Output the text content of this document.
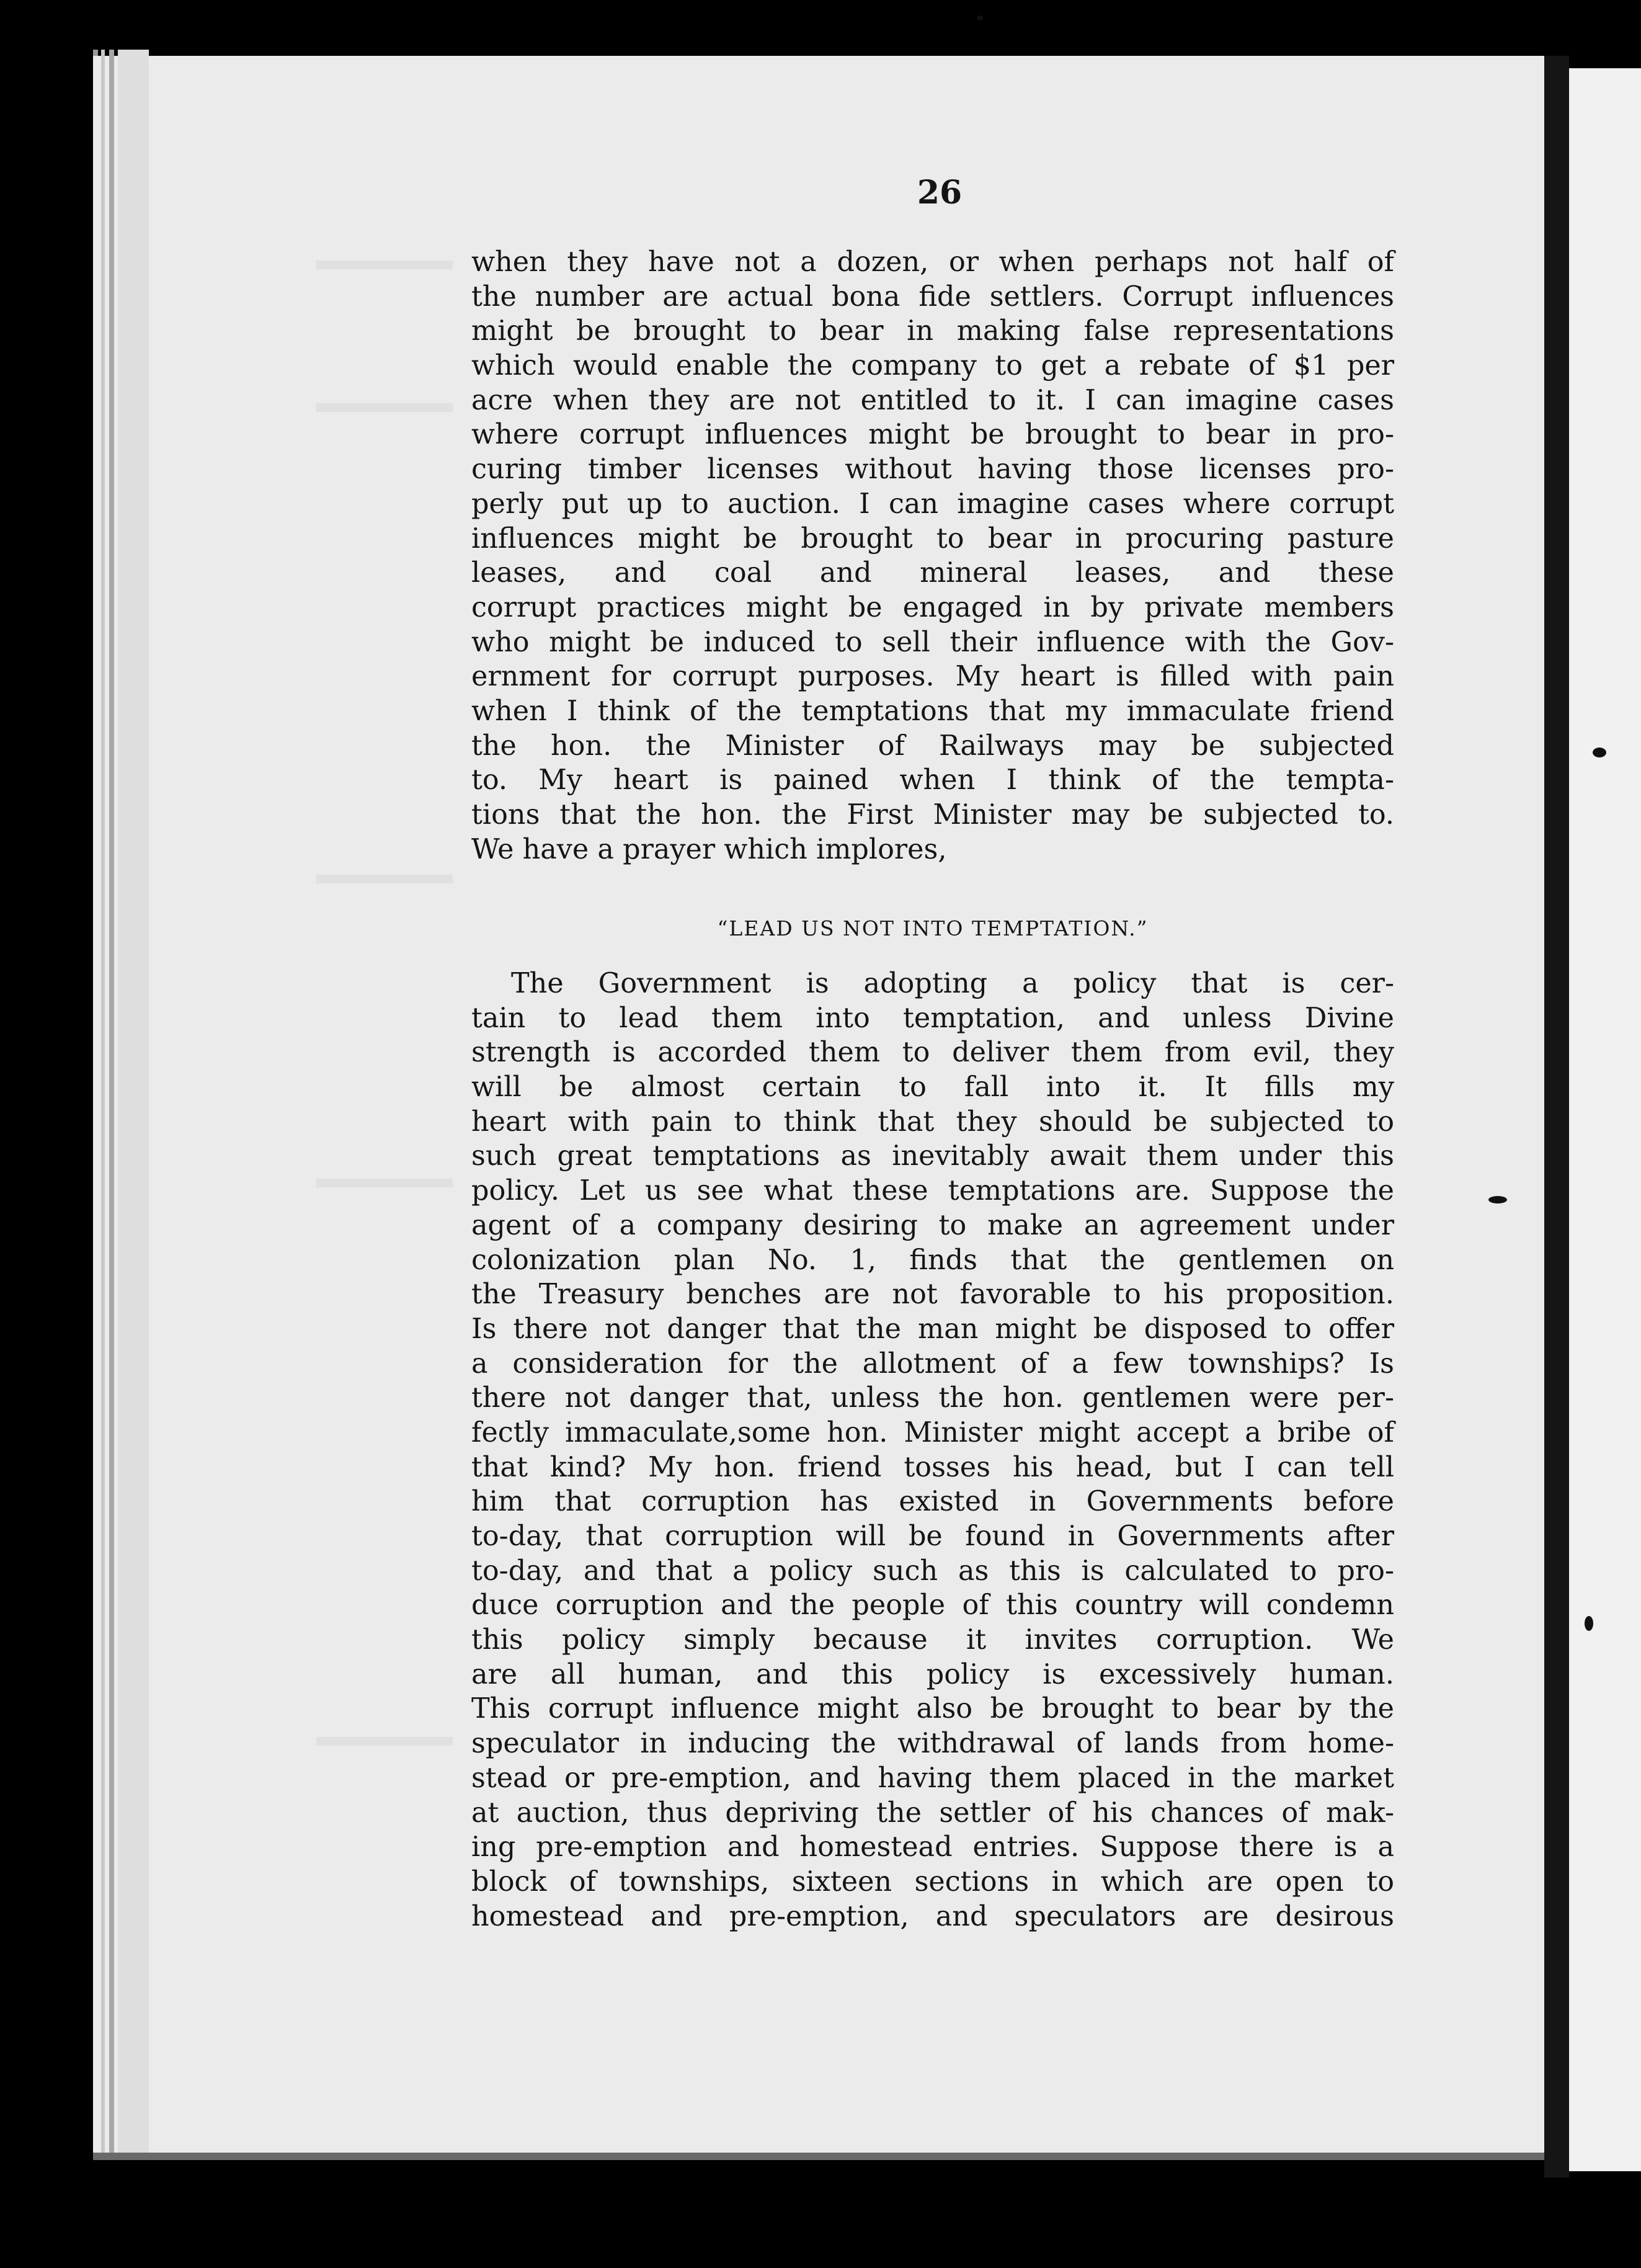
26
when they have not a dozen, or when perhaps not half of
the number are actual bona fide settlers. Corrupt influences
might be brought to bear in making false representations
which would enable the company to get a rebate of $1 per
acre when they are not entitled to it. I can imagine cases
where corrupt influences might be brought to bear in pro-
curing timber licenses without having those licenses pro-
perly put up to auction. I can imagine cases where corrupt
influences might be brought to bear in procuring pasture
leases, and coal and mineral leases, and these
corrupt practices might be engaged in by private members
who might be induced to sell their influence with the Gov-
ernment for corrupt purposes. My heart is filled with pain
when I think of the temptations that my immaculate friend
the hon. the Minister of Railways may be subjected
to. My heart is pained when I think of the tempta-
tions that the hon. the First Minister may be subjected to.
We have a prayer which implores,
“LEAD US NOT INTO TEMPTATION.”
The Government is adopting a policy that is cer-
tain to lead them into temptation, and unless Divine
strength is accorded them to deliver them from evil, they
will be almost certain to fall into it. It fills my
heart with pain to think that they should be subjected to
such great temptations as inevitably await them under this
policy. Let us see what these temptations are. Suppose the
agent of a company desiring to make an agreement under
colonization plan No. 1, finds that the gentlemen on
the Treasury benches are not favorable to his proposition.
Is there not danger that the man might be disposed to offer
a consideration for the allotment of a few townships? Is
there not danger that, unless the hon. gentlemen were per-
fectly immaculate,some hon. Minister might accept a bribe of
that kind? My hon. friend tosses his head, but I can tell
him that corruption has existed in Governments before
to-day, that corruption will be found in Governments after
to-day, and that a policy such as this is calculated to pro-
duce corruption and the people of this country will condemn
this policy simply because it invites corruption. We
are all human, and this policy is excessively human.
This corrupt influence might also be brought to bear by the
speculator in inducing the withdrawal of lands from home-
stead or pre-emption, and having them placed in the market
at auction, thus depriving the settler of his chances of mak-
ing pre-emption and homestead entries. Suppose there is a
block of townships, sixteen sections in which are open to
homestead and pre-emption, and speculators are desirous
